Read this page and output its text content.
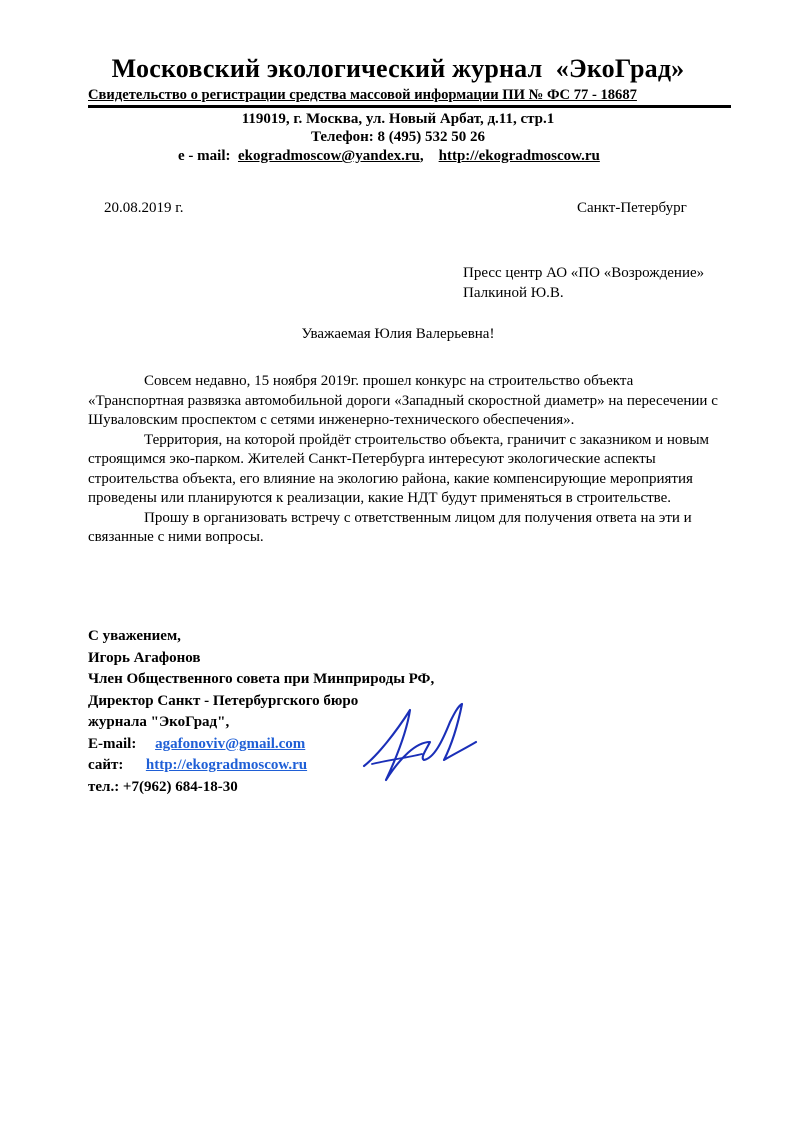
Московский экологический журнал  «ЭкоГрад»
Свидетельство о регистрации средства массовой информации ПИ № ФС 77 - 18687
119019, г. Москва, ул. Новый Арбат, д.11, стр.1
Телефон: 8 (495) 532 50 26
e - mail: ekogradmoscow@yandex.ru, http://ekogradmoscow.ru
20.08.2019 г.	Санкт-Петербург
Пресс центр АО «ПО «Возрождение»
Палкиной Ю.В.
Уважаемая Юлия Валерьевна!

Совсем недавно, 15 ноября 2019г. прошел конкурс на строительство объекта «Транспортная развязка автомобильной дороги «Западный скоростной диаметр» на пересечении с Шуваловским проспектом с сетями инженерно-технического обеспечения».

Территория, на которой пройдёт строительство объекта, граничит с заказником и новым строящимся эко-парком. Жителей Санкт-Петербурга интересуют экологические аспекты строительства объекта, его влияние на экологию района, какие компенсирующие мероприятия проведены или планируются к реализации, какие НДТ будут применяться в строительстве.

Прошу в организовать встречу с ответственным лицом для получения ответа на эти и связанные с ними вопросы.

С уважением,
Игорь Агафонов
Член Общественного совета при Минприроды РФ,
Директор Санкт - Петербургского бюро
журнала "ЭкоГрад",
E-mail: agafonoviv@gmail.com
сайт: http://ekogradmoscow.ru
тел.: +7(962) 684-18-30
